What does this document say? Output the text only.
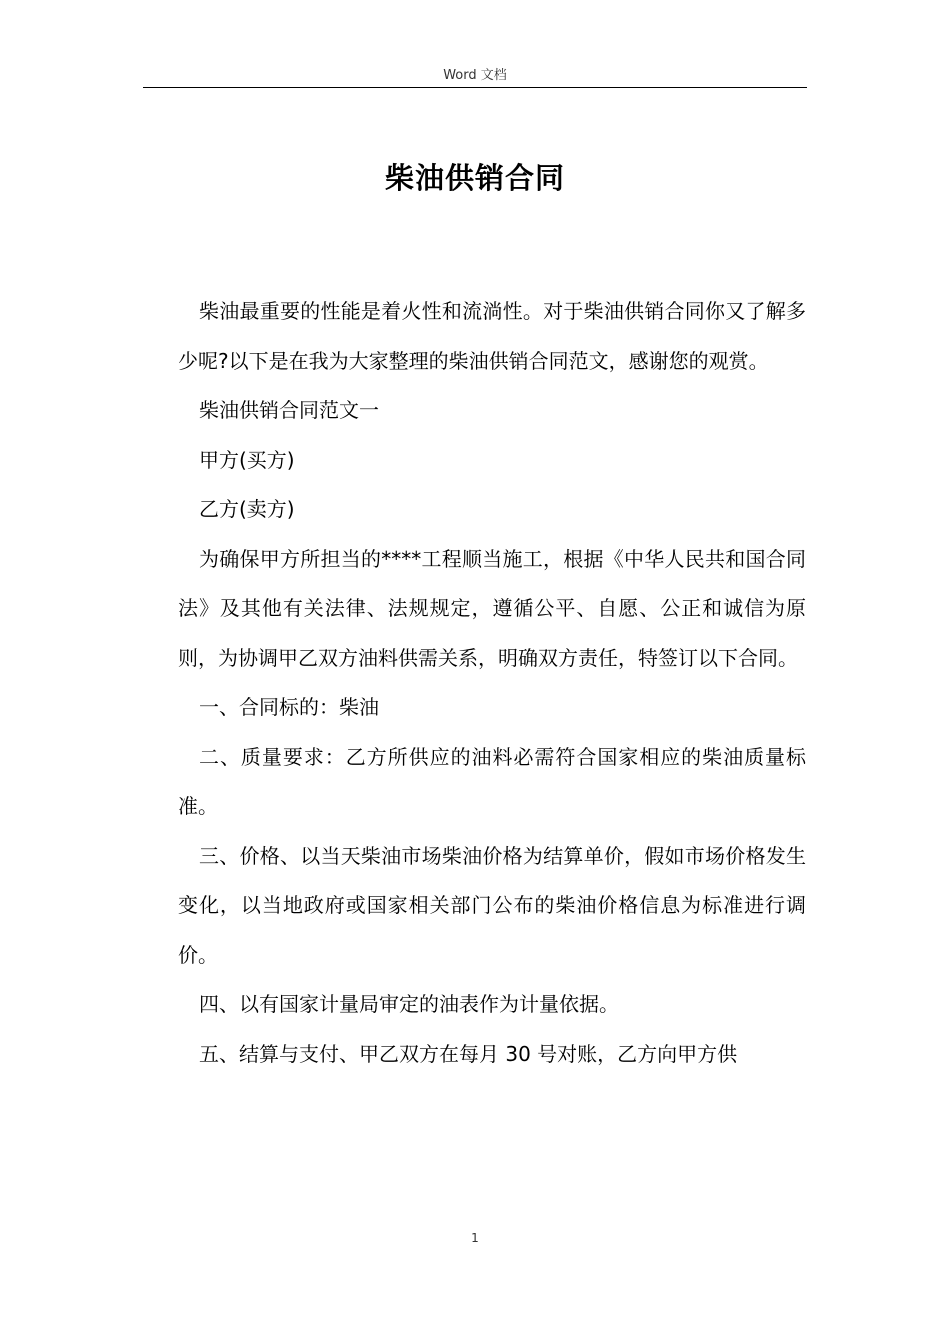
Word 文档
柴油供销合同

柴油最重要的性能是着火性和流淌性。对于柴油供销合同你又了解多少呢?以下是在我为大家整理的柴油供销合同范文，感谢您的观赏。

柴油供销合同范文一

甲方(买方)

乙方(卖方)

为确保甲方所担当的****工程顺当施工，根据《中华人民共和国合同法》及其他有关法律、法规规定，遵循公平、自愿、公正和诚信为原则，为协调甲乙双方油料供需关系，明确双方责任，特签订以下合同。

一、合同标的：柴油

二、质量要求：乙方所供应的油料必需符合国家相应的柴油质量标准。

三、价格、以当天柴油市场柴油价格为结算单价，假如市场价格发生变化，以当地政府或国家相关部门公布的柴油价格信息为标准进行调价。

四、以有国家计量局审定的油表作为计量依据。

五、结算与支付、甲乙双方在每月 30 号对账，乙方向甲方供

1
